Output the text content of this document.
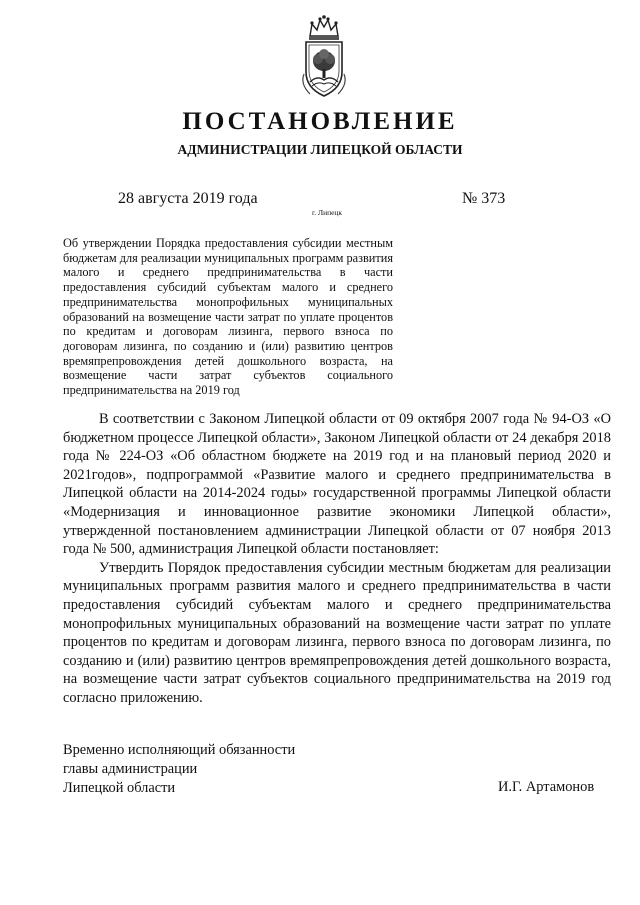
ПОСТАНОВЛЕНИЕ
АДМИНИСТРАЦИИ ЛИПЕЦКОЙ ОБЛАСТИ
28 августа 2019 года
г. Липецк
№ 373

Об утверждении Порядка предоставления субсидии местным бюджетам для реализации муниципальных программ развития малого и среднего предпринимательства в части предоставления субсидий субъектам малого и среднего предпринимательства монопрофильных муниципальных образований на возмещение части затрат по уплате процентов по кредитам и договорам лизинга, первого взноса по договорам лизинга, по созданию и (или) развитию центров времяпрепровождения детей дошкольного возраста, на возмещение части затрат субъектов социального предпринимательства на 2019 год

В соответствии с Законом Липецкой области от 09 октября 2007 года № 94-ОЗ «О бюджетном процессе Липецкой области», Законом Липецкой области от 24 декабря 2018 года № 224-ОЗ «Об областном бюджете на 2019 год и на плановый период 2020 и 2021годов», подпрограммой «Развитие малого и среднего предпринимательства в Липецкой области на 2014-2024 годы» государственной программы Липецкой области «Модернизация и инновационное развитие экономики Липецкой области», утвержденной постановлением администрации Липецкой области от 07 ноября 2013 года № 500, администрация Липецкой области постановляет:

Утвердить Порядок предоставления субсидии местным бюджетам для реализации муниципальных программ развития малого и среднего предпринимательства в части предоставления субсидий субъектам малого и среднего предпринимательства монопрофильных муниципальных образований на возмещение части затрат по уплате процентов по кредитам и договорам лизинга, первого взноса по договорам лизинга, по созданию и (или) развитию центров времяпрепровождения детей дошкольного возраста, на возмещение части затрат субъектов социального предпринимательства на 2019 год согласно приложению.

Временно исполняющий обязанности
главы администрации
Липецкой области	И.Г. Артамонов
